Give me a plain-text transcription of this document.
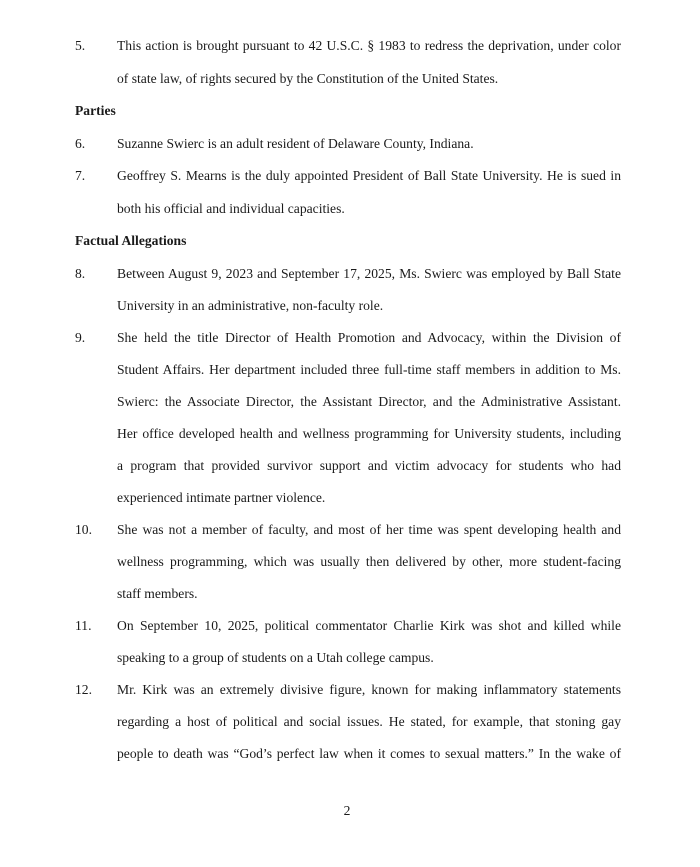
5. This action is brought pursuant to 42 U.S.C. § 1983 to redress the deprivation, under color
of state law, of rights secured by the Constitution of the United States.
Parties
6. Suzanne Swierc is an adult resident of Delaware County, Indiana.
7. Geoffrey S. Mearns is the duly appointed President of Ball State University. He is sued in
both his official and individual capacities.
Factual Allegations
8. Between August 9, 2023 and September 17, 2025, Ms. Swierc was employed by Ball State
University in an administrative, non-faculty role.
9. She held the title Director of Health Promotion and Advocacy, within the Division of
Student Affairs. Her department included three full-time staff members in addition to Ms.
Swierc: the Associate Director, the Assistant Director, and the Administrative Assistant.
Her office developed health and wellness programming for University students, including
a program that provided survivor support and victim advocacy for students who had
experienced intimate partner violence.
10. She was not a member of faculty, and most of her time was spent developing health and
wellness programming, which was usually then delivered by other, more student-facing
staff members.
11. On September 10, 2025, political commentator Charlie Kirk was shot and killed while
speaking to a group of students on a Utah college campus.
12. Mr. Kirk was an extremely divisive figure, known for making inflammatory statements
regarding a host of political and social issues. He stated, for example, that stoning gay
people to death was “God’s perfect law when it comes to sexual matters.” In the wake of
2
